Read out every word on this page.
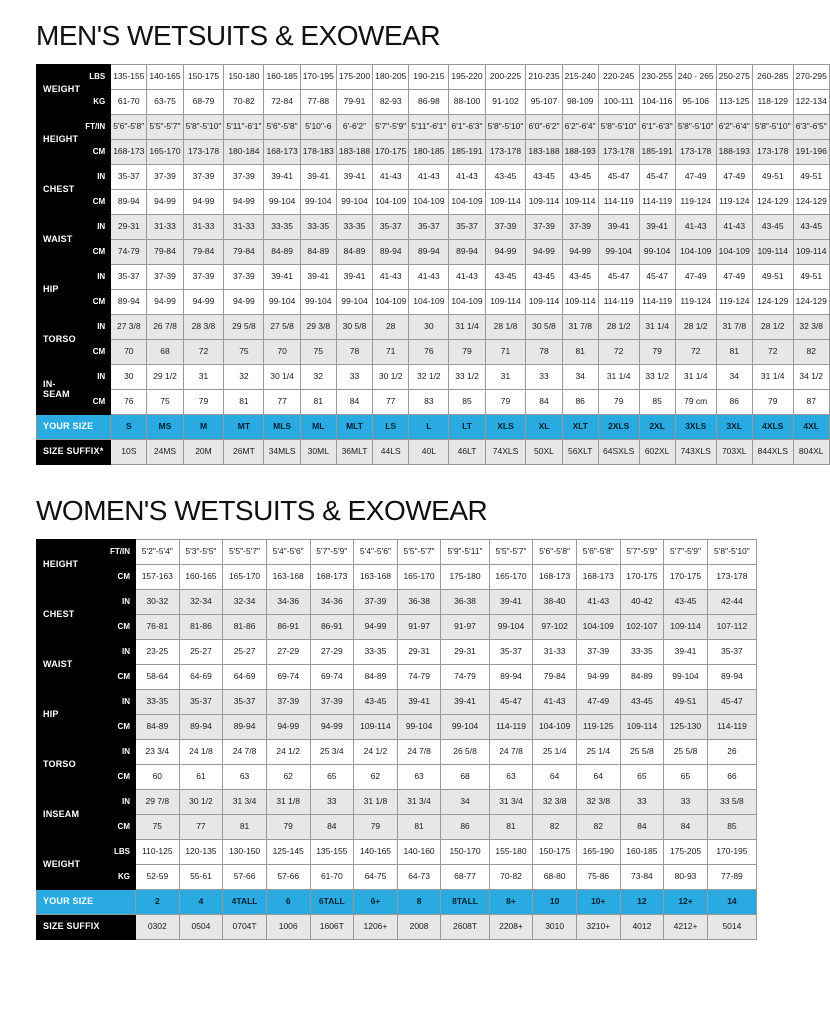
MEN'S WETSUITS & EXOWEAR
WEIGHT	LBS	135-155	140-165	150-175	150-180	160-185	170-195	175-200	180-205	190-215	195-220	200-225	210-235	215-240	220-245	230-255	240 - 265	250-275	260-285	270-295
	KG	61-70	63-75	68-79	70-82	72-84	77-88	79-91	82-93	86-98	88-100	91-102	95-107	98-109	100-111	104-116	95-106	113-125	118-129	122-134
HEIGHT	FT/IN	5'6"-5'8"	5'5"-5'7"	5'8"-5'10"	5'11"-6'1"	5'6"-5'8"	5'10"-6	6'-6'2"	5'7"-5'9"	5'11"-6'1"	6'1"-6'3"	5'8"-5'10"	6'0"-6'2"	6'2"-6'4"	5'8"-5'10"	6'1"-6'3"	5'8"-5'10"	6'2"-6'4"	5'8"-5'10"	6'3"-6'5"
	CM	168-173	165-170	173-178	180-184	168-173	178-183	183-188	170-175	180-185	185-191	173-178	183-188	188-193	173-178	185-191	173-178	188-193	173-178	191-196
CHEST	IN	35-37	37-39	37-39	37-39	39-41	39-41	39-41	41-43	41-43	41-43	43-45	43-45	43-45	45-47	45-47	47-49	47-49	49-51	49-51
	CM	89-94	94-99	94-99	94-99	99-104	99-104	99-104	104-109	104-109	104-109	109-114	109-114	109-114	114-119	114-119	119-124	119-124	124-129	124-129
WAIST	IN	29-31	31-33	31-33	31-33	33-35	33-35	33-35	35-37	35-37	35-37	37-39	37-39	37-39	39-41	39-41	41-43	41-43	43-45	43-45
	CM	74-79	79-84	79-84	79-84	84-89	84-89	84-89	89-94	89-94	89-94	94-99	94-99	94-99	99-104	99-104	104-109	104-109	109-114	109-114
HIP	IN	35-37	37-39	37-39	37-39	39-41	39-41	39-41	41-43	41-43	41-43	43-45	43-45	43-45	45-47	45-47	47-49	47-49	49-51	49-51
	CM	89-94	94-99	94-99	94-99	99-104	99-104	99-104	104-109	104-109	104-109	109-114	109-114	109-114	114-119	114-119	119-124	119-124	124-129	124-129
TORSO	IN	27 3/8	26 7/8	28 3/8	29 5/8	27 5/8	29 3/8	30 5/8	28	30	31 1/4	28 1/8	30 5/8	31 7/8	28 1/2	31 1/4	28 1/2	31 7/8	28 1/2	32 3/8
	CM	70	68	72	75	70	75	78	71	76	79	71	78	81	72	79	72	81	72	82
IN-SEAM	IN	30	29 1/2	31	32	30 1/4	32	33	30 1/2	32 1/2	33 1/2	31	33	34	31 1/4	33 1/2	31 1/4	34	31 1/4	34 1/2
	CM	76	75	79	81	77	81	84	77	83	85	79	84	86	79	85	79 cm	86	79	87
YOUR SIZE		S	MS	M	MT	MLS	ML	MLT	LS	L	LT	XLS	XL	XLT	2XLS	2XL	3XLS	3XL	4XLS	4XL
SIZE SUFFIX*		10S	24MS	20M	26MT	34MLS	30ML	36MLT	44LS	40L	46LT	74XLS	50XL	56XLT	64SXLS	602XL	743XLS	703XL	844XLS	804XL
WOMEN'S WETSUITS & EXOWEAR
HEIGHT	FT/IN	5'2"-5'4"	5'3"-5'5"	5'5"-5'7"	5'4"-5'6"	5'7"-5'9"	5'4"-5'6"	5'5"-5'7"	5'9"-5'11"	5'5"-5'7"	5'6"-5'8"	5'6"-5'8"	5'7"-5'9"	5'7"-5'9"	5'8"-5'10"
	CM	157-163	160-165	165-170	163-168	168-173	163-168	165-170	175-180	165-170	168-173	168-173	170-175	170-175	173-178
CHEST	IN	30-32	32-34	32-34	34-36	34-36	37-39	36-38	36-38	39-41	38-40	41-43	40-42	43-45	42-44
	CM	76-81	81-86	81-86	86-91	86-91	94-99	91-97	91-97	99-104	97-102	104-109	102-107	109-114	107-112
WAIST	IN	23-25	25-27	25-27	27-29	27-29	33-35	29-31	29-31	35-37	31-33	37-39	33-35	39-41	35-37
	CM	58-64	64-69	64-69	69-74	69-74	84-89	74-79	74-79	89-94	79-84	94-99	84-89	99-104	89-94
HIP	IN	33-35	35-37	35-37	37-39	37-39	43-45	39-41	39-41	45-47	41-43	47-49	43-45	49-51	45-47
	CM	84-89	89-94	89-94	94-99	94-99	109-114	99-104	99-104	114-119	104-109	119-125	109-114	125-130	114-119
TORSO	IN	23 3/4	24 1/8	24 7/8	24 1/2	25 3/4	24 1/2	24 7/8	26 5/8	24 7/8	25 1/4	25 1/4	25 5/8	25 5/8	26
	CM	60	61	63	62	65	62	63	68	63	64	64	65	65	66
INSEAM	IN	29 7/8	30 1/2	31 3/4	31 1/8	33	31 1/8	31 3/4	34	31 3/4	32 3/8	32 3/8	33	33	33 5/8
	CM	75	77	81	79	84	79	81	86	81	82	82	84	84	85
WEIGHT	LBS	110-125	120-135	130-150	125-145	135-155	140-165	140-160	150-170	155-180	150-175	165-190	160-185	175-205	170-195
	KG	52-59	55-61	57-66	57-66	61-70	64-75	64-73	68-77	70-82	68-80	75-86	73-84	80-93	77-89
YOUR SIZE		2	4	4TALL	6	6TALL	6+	8	8TALL	8+	10	10+	12	12+	14
SIZE SUFFIX		0302	0504	0704T	1006	1606T	1206+	2008	2608T	2208+	3010	3210+	4012	4212+	5014
